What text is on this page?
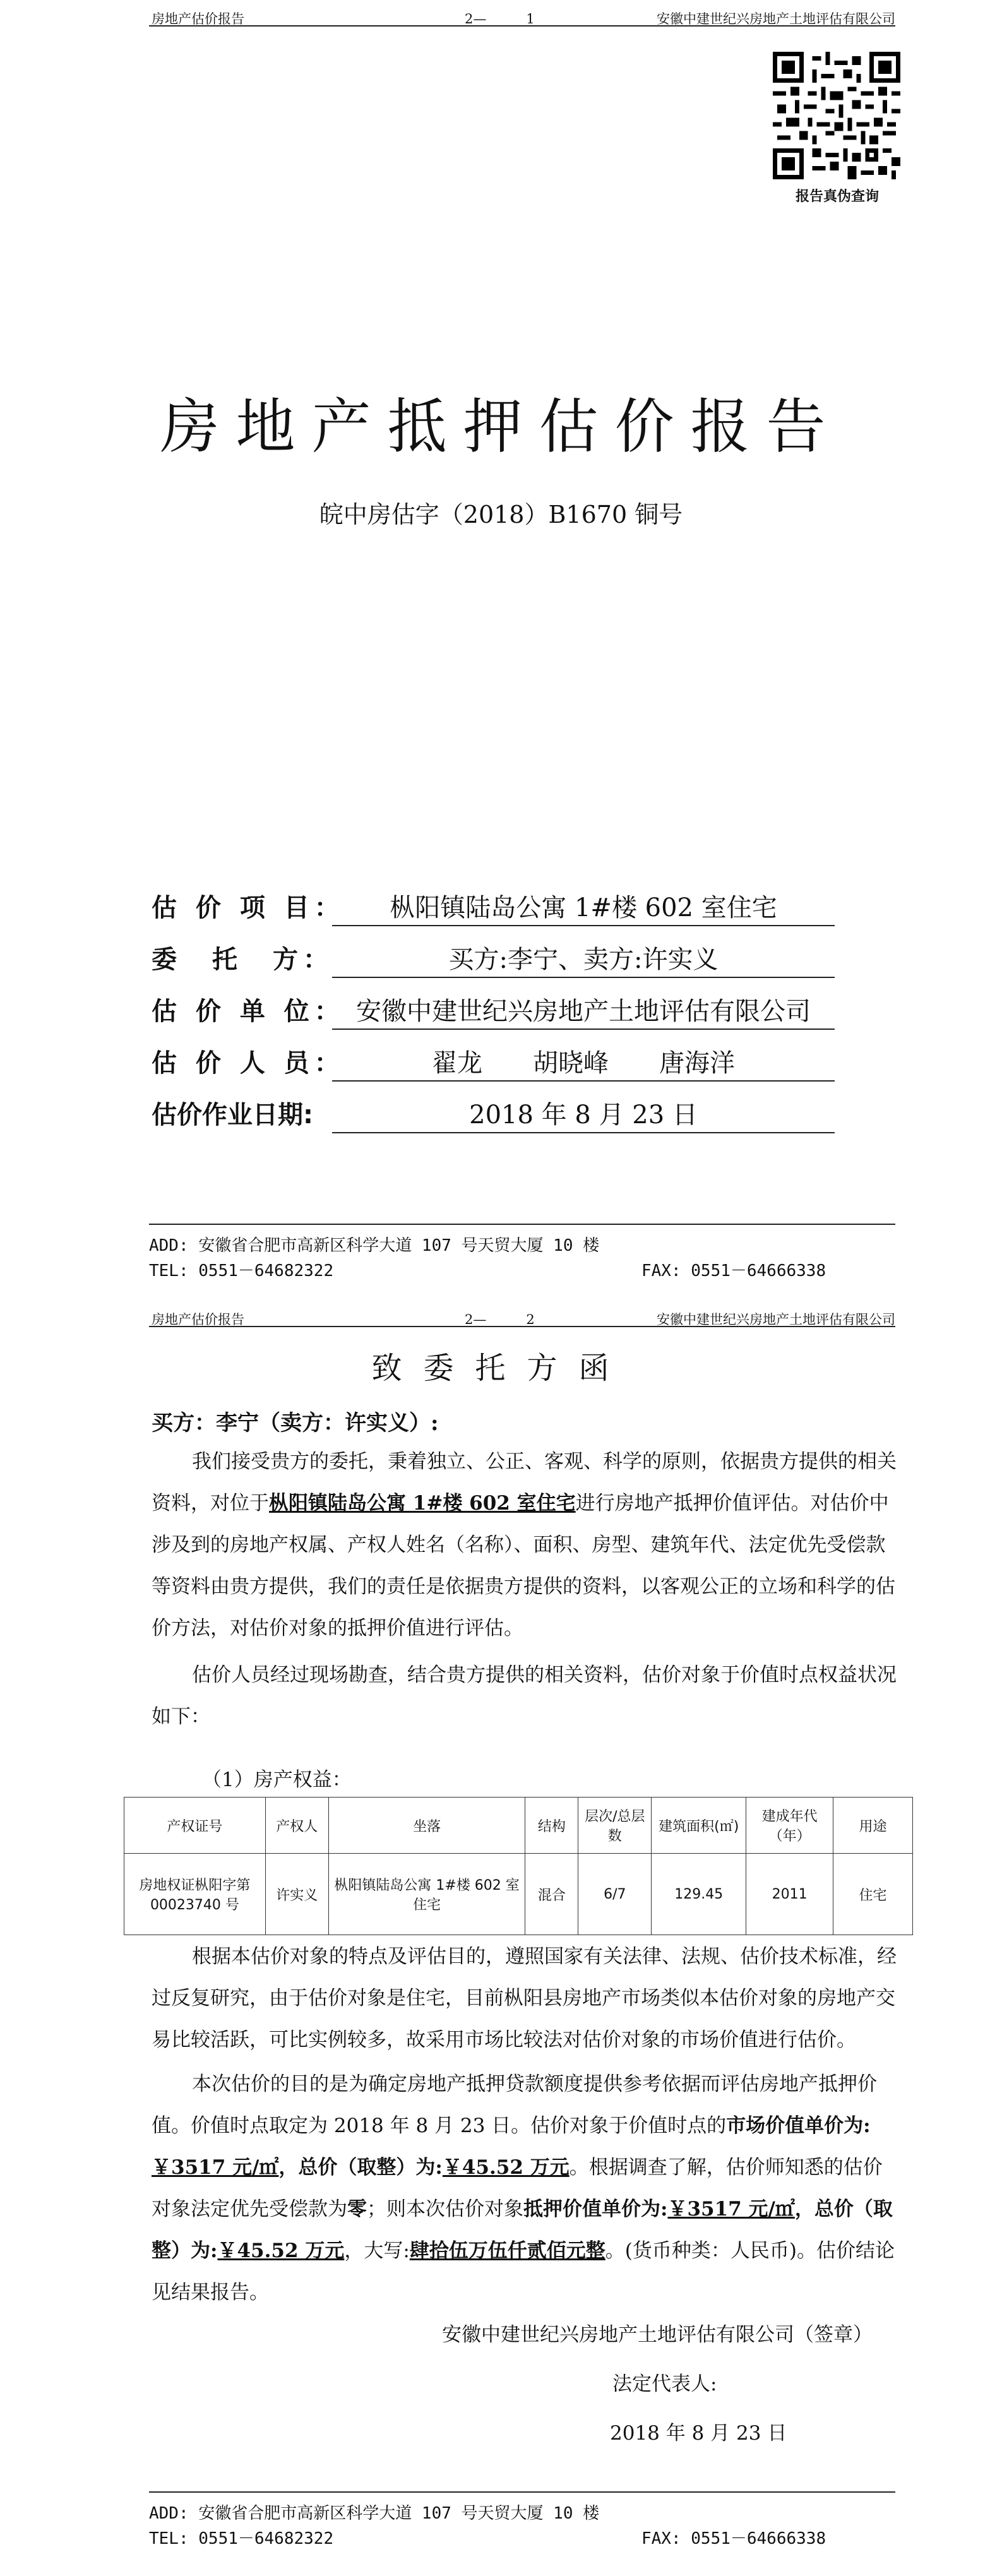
房地产估价报告	2—　　　1	安徽中建世纪兴房地产土地评估有限公司
报告真伪查询
房地产抵押估价报告
皖中房估字（2018）B1670 铜号
估 价 项 目：	枞阳镇陆岛公寓 1#楼 602 室住宅
委　托　方：	买方:李宁、卖方:许实义
估 价 单 位： 安徽中建世纪兴房地产土地评估有限公司
估 价 人 员：	翟龙　　胡晓峰　　唐海洋
估价作业日期:	2018 年 8 月 23 日
ADD: 安徽省合肥市高新区科学大道 107 号天贸大厦 10 楼
TEL: 0551－64682322	FAX: 0551－64666338
房地产估价报告	2—　　　2	安徽中建世纪兴房地产土地评估有限公司
致委托方函
买方：李宁（卖方：许实义）:
我们接受贵方的委托，秉着独立、公正、客观、科学的原则，依据贵方提供的相关资料，对位于枞阳镇陆岛公寓 1#楼 602 室住宅进行房地产抵押价值评估。对估价中涉及到的房地产权属、产权人姓名（名称）、面积、房型、建筑年代、法定优先受偿款等资料由贵方提供，我们的责任是依据贵方提供的资料，以客观公正的立场和科学的估价方法，对估价对象的抵押价值进行评估。
估价人员经过现场勘查，结合贵方提供的相关资料，估价对象于价值时点权益状况如下：
（1）房产权益：
产权证号	产权人	坐落	结构	层次/总层数	建筑面积(㎡)	建成年代（年）	用途
房地权证枞阳字第00023740 号	许实义	枞阳镇陆岛公寓 1#楼 602 室住宅	混合	6/7	129.45	2011	住宅
根据本估价对象的特点及评估目的，遵照国家有关法律、法规、估价技术标准，经过反复研究，由于估价对象是住宅，目前枞阳县房地产市场类似本估价对象的房地产交易比较活跃，可比实例较多，故采用市场比较法对估价对象的市场价值进行估价。
本次估价的目的是为确定房地产抵押贷款额度提供参考依据而评估房地产抵押价值。价值时点取定为 2018 年 8 月 23 日。估价对象于价值时点的市场价值单价为:￥3517 元/㎡，总价（取整）为:￥45.52 万元。根据调查了解，估价师知悉的估价对象法定优先受偿款为零；则本次估价对象抵押价值单价为:￥3517 元/㎡，总价（取整）为:￥45.52 万元，大写:肆拾伍万伍仟贰佰元整。(货币种类：人民币)。估价结论见结果报告。
安徽中建世纪兴房地产土地评估有限公司（签章）
法定代表人:
2018 年 8 月 23 日
ADD: 安徽省合肥市高新区科学大道 107 号天贸大厦 10 楼
TEL: 0551－64682322	FAX: 0551－64666338
